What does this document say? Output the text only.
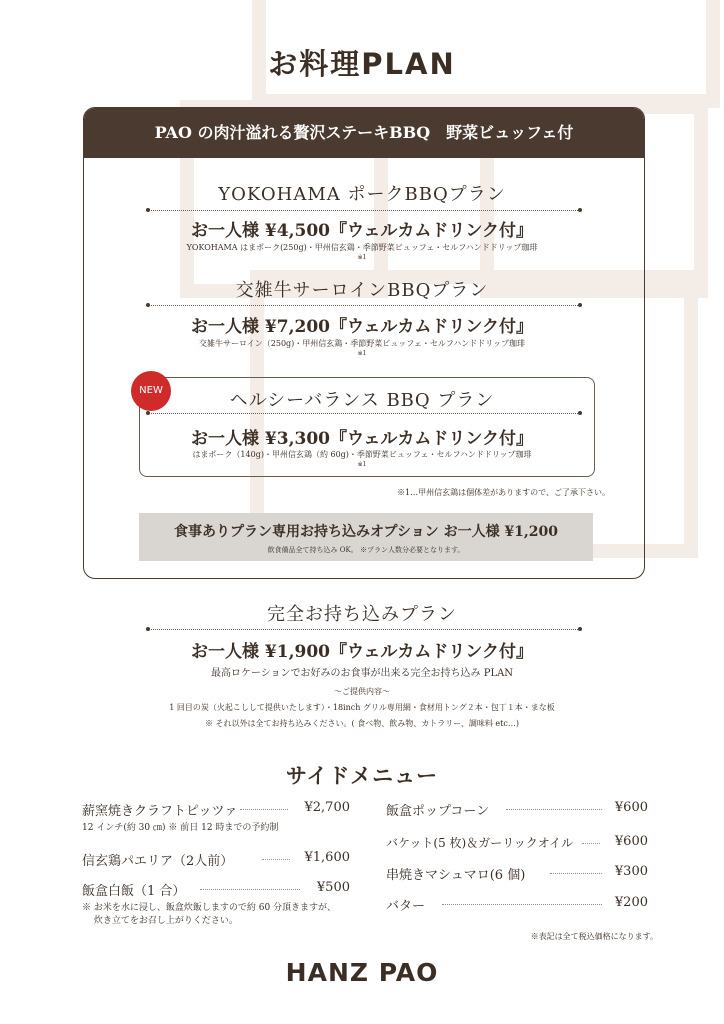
お料理PLAN
PAO の肉汁溢れる贅沢ステーキBBQ　野菜ビュッフェ付
YOKOHAMA ポークBBQプラン
お一人様 ¥4,500『ウェルカムドリンク付』
YOKOHAMA はまポーク(250g)・甲州信玄鶏・季節野菜ビュッフェ・セルフハンドドリップ珈琲
※1
交雑牛サーロインBBQプラン
お一人様 ¥7,200『ウェルカムドリンク付』
交雑牛サーロイン（250g)・甲州信玄鶏・季節野菜ビュッフェ・セルフハンドドリップ珈琲
※1
NEW	ヘルシーバランス BBQ プラン
お一人様 ¥3,300『ウェルカムドリンク付』
はまポーク（140g)・甲州信玄鶏（約 60g)・季節野菜ビュッフェ・セルフハンドドリップ珈琲
※1
※1…甲州信玄鶏は個体差がありますので、ご了承下さい。
食事ありプラン専用お持ち込みオプション お一人様 ¥1,200
飲食備品全て持ち込み OK。 ※プラン人数分必要となります。
完全お持ち込みプラン
お一人様 ¥1,900『ウェルカムドリンク付』
最高ロケーションでお好みのお食事が出来る完全お持ち込み PLAN
～ご提供内容～
1 回目の炭（火起こしして提供いたします）・18inch グリル専用網・食材用トング２本・包丁１本・まな板
※ それ以外は全てお持ち込みください。( 食べ物、飲み物、カトラリー、調味料 etc…)
サイドメニュー
薪窯焼きクラフトピッツァ	¥2,700
12 インチ(約 30 ㎝) ※ 前日 12 時までの予約制
信玄鶏パエリア（2人前）	¥1,600
飯盒白飯（1 合）	¥500
※ お米を水に浸し、飯盒炊飯しますので約 60 分頂きますが、
　 炊き立てをお召し上がりください。
飯盒ポップコーン	¥600
バケット(5 枚)＆ガーリックオイル	¥600
串焼きマシュマロ(6 個)	¥300
バター	¥200
※表記は全て税込価格になります。
HANZ PAO
